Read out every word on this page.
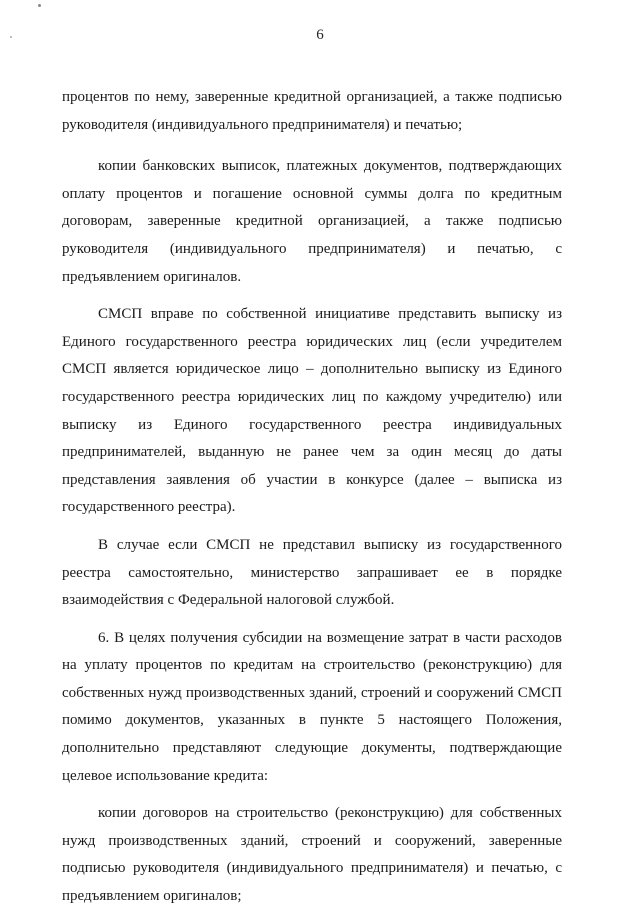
6

процентов по нему, заверенные кредитной организацией, а также подписью руководителя (индивидуального предпринимателя) и печатью;

копии банковских выписок, платежных документов, подтверждающих оплату процентов и погашение основной суммы долга по кредитным договорам, заверенные кредитной организацией, а также подписью руководителя (индивидуального предпринимателя) и печатью, с предъявлением оригиналов.

СМСП вправе по собственной инициативе представить выписку из Единого государственного реестра юридических лиц (если учредителем СМСП является юридическое лицо – дополнительно выписку из Единого государственного реестра юридических лиц по каждому учредителю) или выписку из Единого государственного реестра индивидуальных предпринимателей, выданную не ранее чем за один месяц до даты представления заявления об участии в конкурсе (далее – выписка из государственного реестра).

В случае если СМСП не представил выписку из государственного реестра самостоятельно, министерство запрашивает ее в порядке взаимодействия с Федеральной налоговой службой.

6. В целях получения субсидии на возмещение затрат в части расходов на уплату процентов по кредитам на строительство (реконструкцию) для собственных нужд производственных зданий, строений и сооружений СМСП помимо документов, указанных в пункте 5 настоящего Положения, дополнительно представляют следующие документы, подтверждающие целевое использование кредита:

копии договоров на строительство (реконструкцию) для собственных нужд производственных зданий, строений и сооружений, заверенные подписью руководителя (индивидуального предпринимателя) и печатью, с предъявлением оригиналов;
